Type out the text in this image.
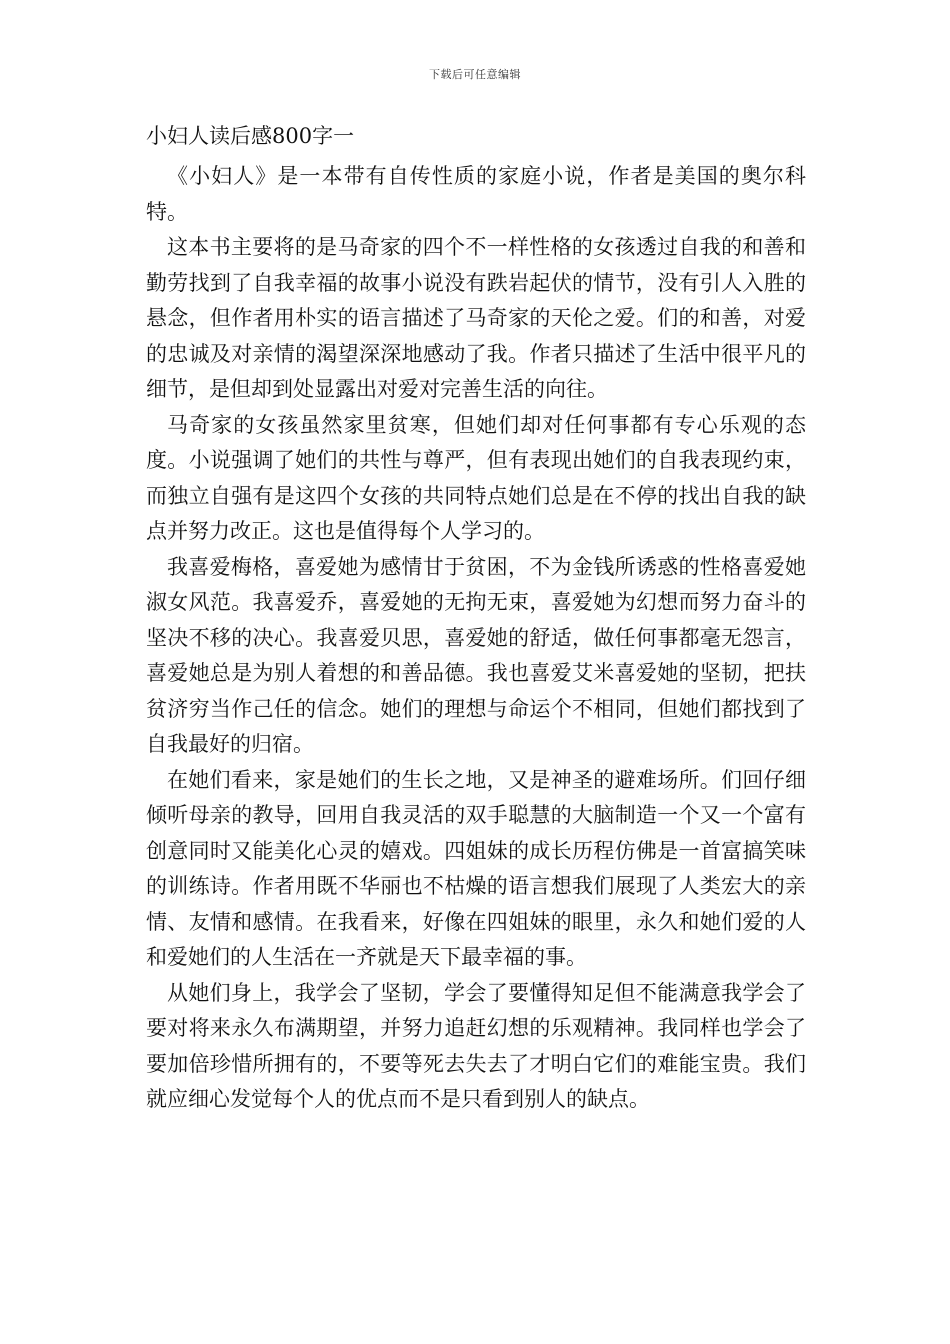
下载后可任意编辑
小妇人读后感800字一

《小妇人》是一本带有自传性质的家庭小说，作者是美国的奥尔科特。

这本书主要将的是马奇家的四个不一样性格的女孩透过自我的和善和勤劳找到了自我幸福的故事小说没有跌岩起伏的情节，没有引人入胜的悬念，但作者用朴实的语言描述了马奇家的天伦之爱。们的和善，对爱的忠诚及对亲情的渴望深深地感动了我。作者只描述了生活中很平凡的细节，是但却到处显露出对爱对完善生活的向往。

马奇家的女孩虽然家里贫寒，但她们却对任何事都有专心乐观的态度。小说强调了她们的共性与尊严，但有表现出她们的自我表现约束，而独立自强有是这四个女孩的共同特点她们总是在不停的找出自我的缺点并努力改正。这也是值得每个人学习的。

我喜爱梅格，喜爱她为感情甘于贫困，不为金钱所诱惑的性格喜爱她淑女风范。我喜爱乔，喜爱她的无拘无束，喜爱她为幻想而努力奋斗的坚决不移的决心。我喜爱贝思，喜爱她的舒适，做任何事都毫无怨言，喜爱她总是为别人着想的和善品德。我也喜爱艾米喜爱她的坚韧，把扶贫济穷当作己任的信念。她们的理想与命运个不相同，但她们都找到了自我最好的归宿。

在她们看来，家是她们的生长之地，又是神圣的避难场所。们回仔细倾听母亲的教导，回用自我灵活的双手聪慧的大脑制造一个又一个富有创意同时又能美化心灵的嬉戏。四姐妹的成长历程仿佛是一首富搞笑味的训练诗。作者用既不华丽也不枯燥的语言想我们展现了人类宏大的亲情、友情和感情。在我看来，好像在四姐妹的眼里，永久和她们爱的人和爱她们的人生活在一齐就是天下最幸福的事。

从她们身上，我学会了坚韧，学会了要懂得知足但不能满意我学会了要对将来永久布满期望，并努力追赶幻想的乐观精神。我同样也学会了要加倍珍惜所拥有的，不要等死去失去了才明白它们的难能宝贵。我们就应细心发觉每个人的优点而不是只看到别人的缺点。
